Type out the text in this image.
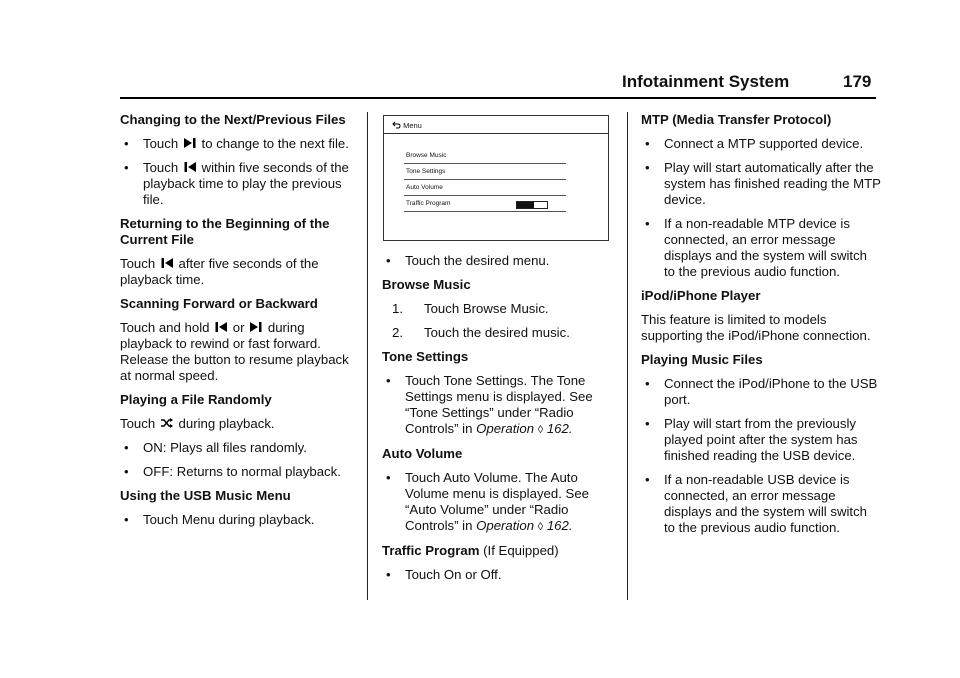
Infotainment System	179
Changing to the Next/Previous Files
• Touch to change to the next file.
• Touch within five seconds of the playback time to play the previous file.
Returning to the Beginning of the Current File
Touch after five seconds of the playback time.
Scanning Forward or Backward
Touch and hold or during playback to rewind or fast forward. Release the button to resume playback at normal speed.
Playing a File Randomly
Touch during playback.
• ON: Plays all files randomly.
• OFF: Returns to normal playback.
Using the USB Music Menu
• Touch Menu during playback.
Menu
Browse Music
Tone Settings
Auto Volume
Traffic Program
• Touch the desired menu.
Browse Music
1. Touch Browse Music.
2. Touch the desired music.
Tone Settings
• Touch Tone Settings. The Tone Settings menu is displayed. See “Tone Settings” under “Radio Controls” in Operation ◊ 162.
Auto Volume
• Touch Auto Volume. The Auto Volume menu is displayed. See “Auto Volume” under “Radio Controls” in Operation ◊ 162.
Traffic Program (If Equipped)
• Touch On or Off.
MTP (Media Transfer Protocol)
• Connect a MTP supported device.
• Play will start automatically after the system has finished reading the MTP device.
• If a non-readable MTP device is connected, an error message displays and the system will switch to the previous audio function.
iPod/iPhone Player
This feature is limited to models supporting the iPod/iPhone connection.
Playing Music Files
• Connect the iPod/iPhone to the USB port.
• Play will start from the previously played point after the system has finished reading the USB device.
• If a non-readable USB device is connected, an error message displays and the system will switch to the previous audio function.
